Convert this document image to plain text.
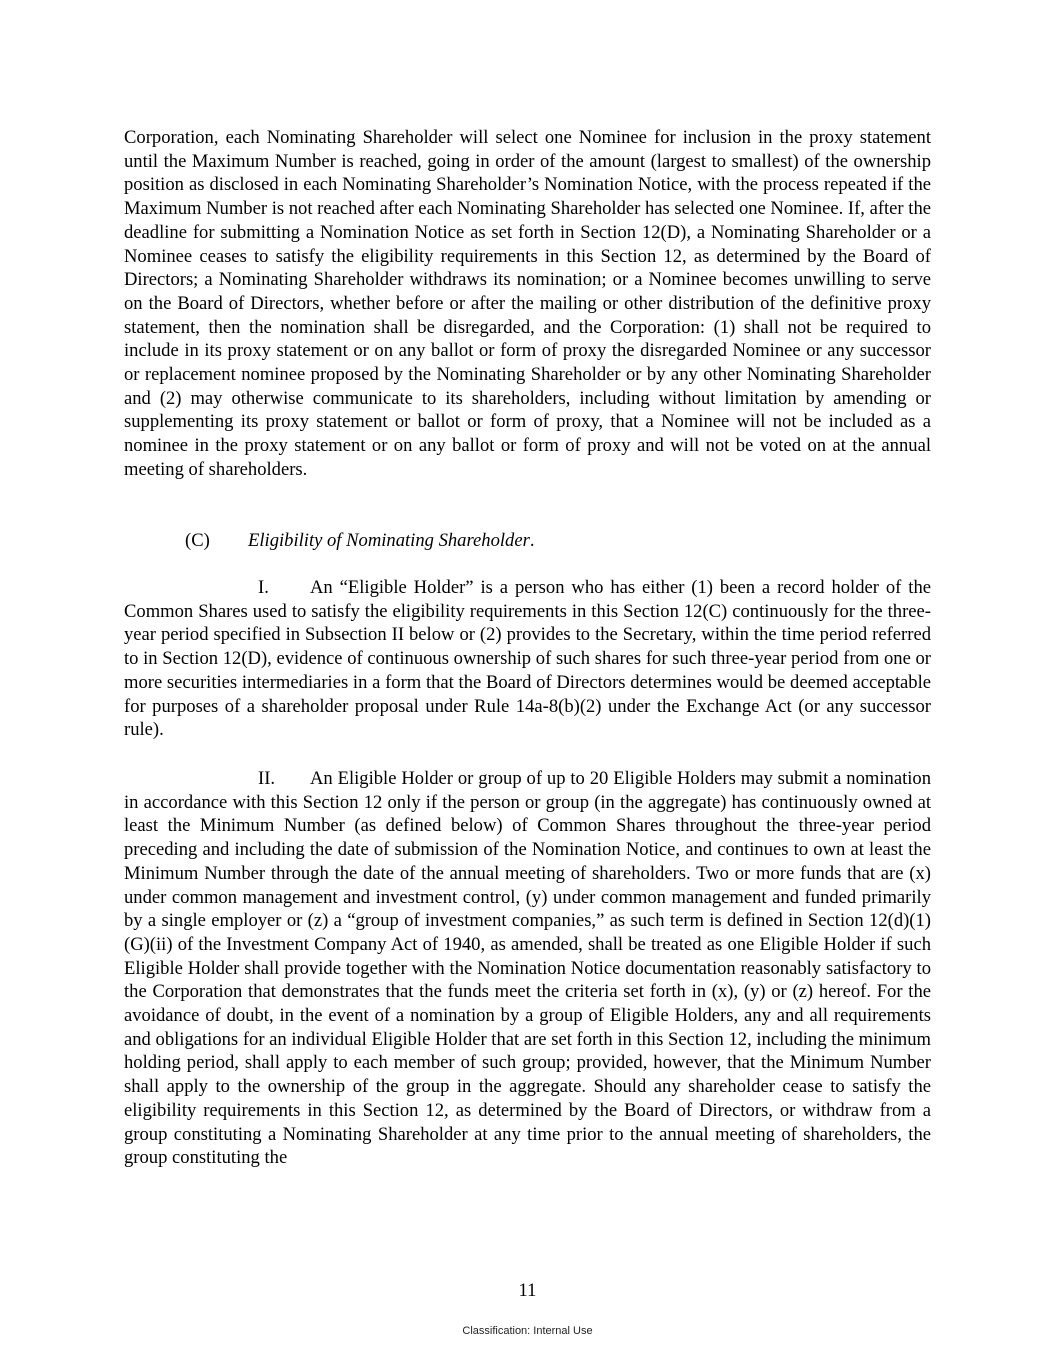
Corporation, each Nominating Shareholder will select one Nominee for inclusion in the proxy statement until the Maximum Number is reached, going in order of the amount (largest to smallest) of the ownership position as disclosed in each Nominating Shareholder’s Nomination Notice, with the process repeated if the Maximum Number is not reached after each Nominating Shareholder has selected one Nominee. If, after the deadline for submitting a Nomination Notice as set forth in Section 12(D), a Nominating Shareholder or a Nominee ceases to satisfy the eligibility requirements in this Section 12, as determined by the Board of Directors; a Nominating Shareholder withdraws its nomination; or a Nominee becomes unwilling to serve on the Board of Directors, whether before or after the mailing or other distribution of the definitive proxy statement, then the nomination shall be disregarded, and the Corporation: (1) shall not be required to include in its proxy statement or on any ballot or form of proxy the disregarded Nominee or any successor or replacement nominee proposed by the Nominating Shareholder or by any other Nominating Shareholder and (2) may otherwise communicate to its shareholders, including without limitation by amending or supplementing its proxy statement or ballot or form of proxy, that a Nominee will not be included as a nominee in the proxy statement or on any ballot or form of proxy and will not be voted on at the annual meeting of shareholders.

(C) Eligibility of Nominating Shareholder.

I. An “Eligible Holder” is a person who has either (1) been a record holder of the Common Shares used to satisfy the eligibility requirements in this Section 12(C) continuously for the three-year period specified in Subsection II below or (2) provides to the Secretary, within the time period referred to in Section 12(D), evidence of continuous ownership of such shares for such three-year period from one or more securities intermediaries in a form that the Board of Directors determines would be deemed acceptable for purposes of a shareholder proposal under Rule 14a-8(b)(2) under the Exchange Act (or any successor rule).

II. An Eligible Holder or group of up to 20 Eligible Holders may submit a nomination in accordance with this Section 12 only if the person or group (in the aggregate) has continuously owned at least the Minimum Number (as defined below) of Common Shares throughout the three-year period preceding and including the date of submission of the Nomination Notice, and continues to own at least the Minimum Number through the date of the annual meeting of shareholders. Two or more funds that are (x) under common management and investment control, (y) under common management and funded primarily by a single employer or (z) a “group of investment companies,” as such term is defined in Section 12(d)(1)(G)(ii) of the Investment Company Act of 1940, as amended, shall be treated as one Eligible Holder if such Eligible Holder shall provide together with the Nomination Notice documentation reasonably satisfactory to the Corporation that demonstrates that the funds meet the criteria set forth in (x), (y) or (z) hereof. For the avoidance of doubt, in the event of a nomination by a group of Eligible Holders, any and all requirements and obligations for an individual Eligible Holder that are set forth in this Section 12, including the minimum holding period, shall apply to each member of such group; provided, however, that the Minimum Number shall apply to the ownership of the group in the aggregate. Should any shareholder cease to satisfy the eligibility requirements in this Section 12, as determined by the Board of Directors, or withdraw from a group constituting a Nominating Shareholder at any time prior to the annual meeting of shareholders, the group constituting the

11
Classification: Internal Use
